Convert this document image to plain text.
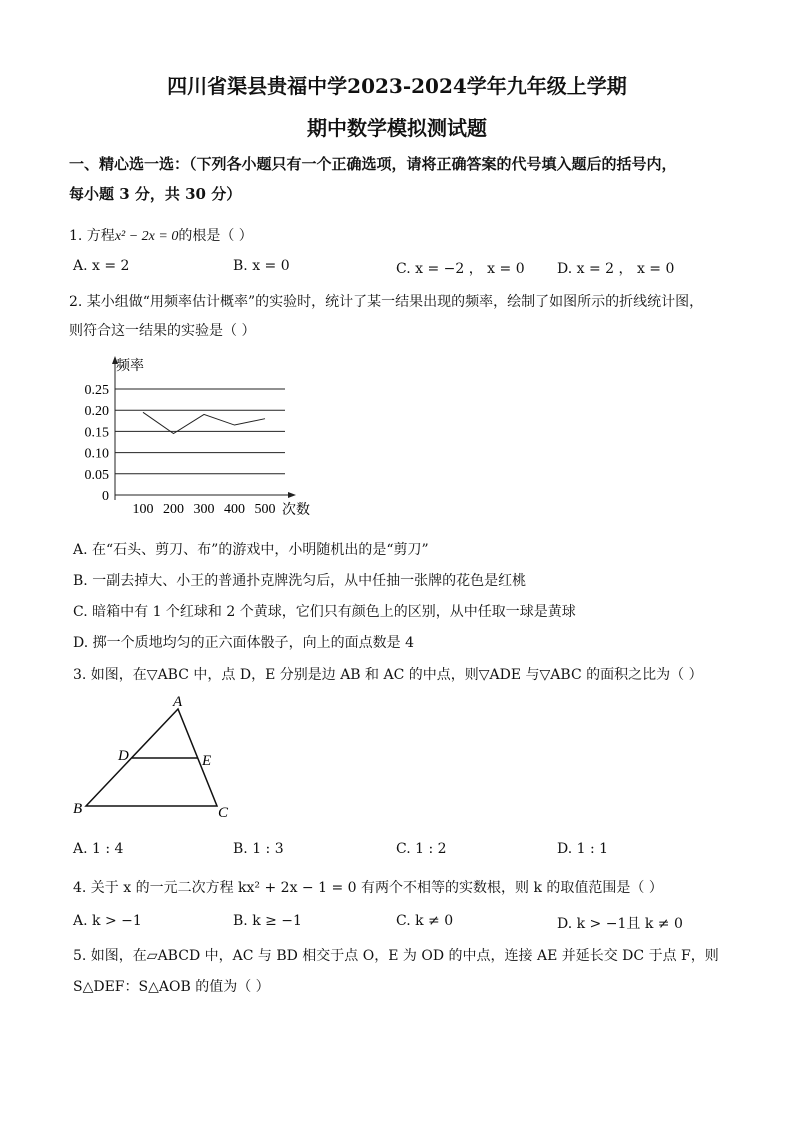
四川省渠县贵福中学2023-2024学年九年级上学期
期中数学模拟测试题
一、精心选一选：（下列各小题只有一个正确选项，请将正确答案的代号填入题后的括号内，
每小题 3 分，共 30 分）
1. 方程x² − 2x = 0的根是（ ）
A. x = 2	B. x = 0	C. x = −2 ， x = 0 D. x = 2 ， x = 0
2. 某小组做“用频率估计概率”的实验时，统计了某一结果出现的频率，绘制了如图所示的折线统计图，
则符合这一结果的实验是（ ）
频率
次数
0
0.05
0.10
0.15
0.20
0.25
100 200 300 400 500
A. 在“石头、剪刀、布”的游戏中，小明随机出的是“剪刀”
B. 一副去掉大、小王的普通扑克牌洗匀后，从中任抽一张牌的花色是红桃
C. 暗箱中有 1 个红球和 2 个黄球，它们只有颜色上的区别，从中任取一球是黄球
D. 掷一个质地均匀的正六面体骰子，向上的面点数是 4
3. 如图，在▽ABC 中，点 D，E 分别是边 AB 和 AC 的中点，则▽ADE 与▽ABC 的面积之比为（ ）
A
B	C
D	E
A. 1 : 4	B. 1 : 3	C. 1 : 2	D. 1 : 1
4. 关于 x 的一元二次方程 kx² + 2x − 1 = 0 有两个不相等的实数根，则 k 的取值范围是（ ）
A. k > −1	B. k ≥ −1	C. k ≠ 0	D. k > −1且 k ≠ 0
5. 如图，在▱ABCD 中，AC 与 BD 相交于点 O，E 为 OD 的中点，连接 AE 并延长交 DC 于点 F，则
S△DEF：S△AOB 的值为（ ）
